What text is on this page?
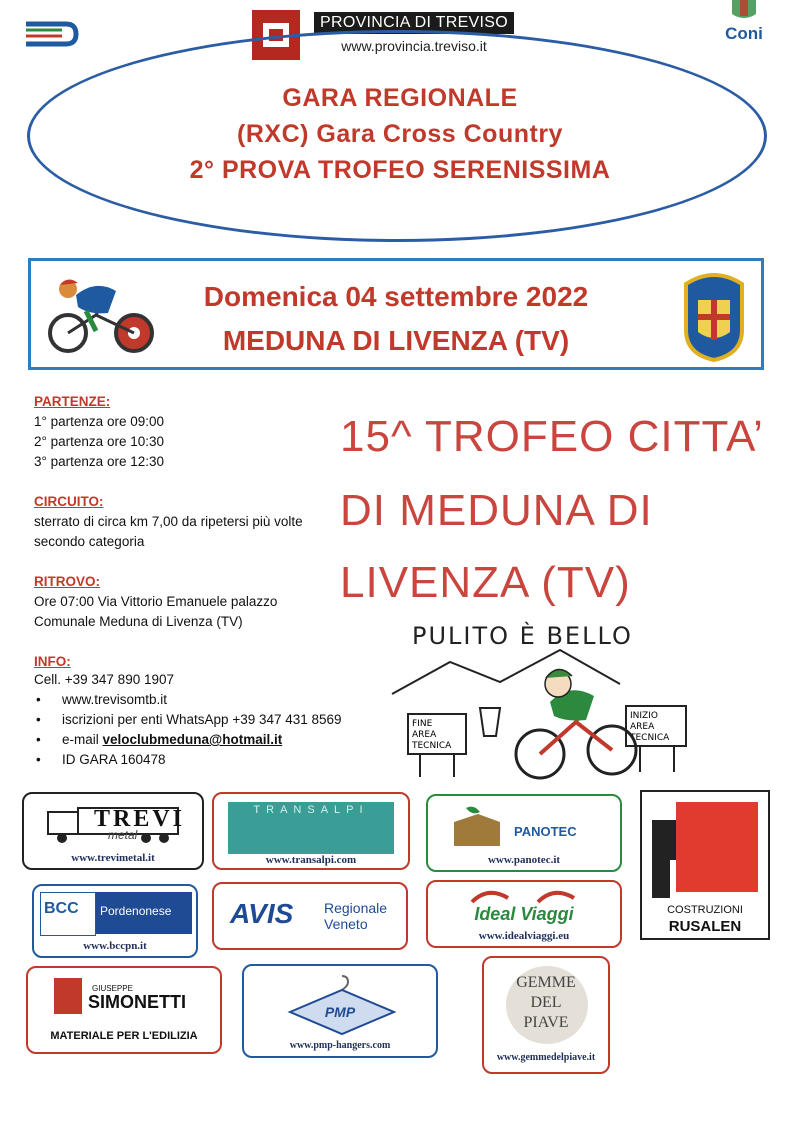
PROVINCIA DI TREVISO
www.provincia.treviso.it
Coni
GARA REGIONALE
(RXC) Gara Cross Country
2° PROVA TROFEO SERENISSIMA
Domenica 04 settembre 2022
MEDUNA DI LIVENZA (TV)
PARTENZE:
1° partenza ore 09:00
2° partenza ore 10:30
3° partenza ore 12:30
CIRCUITO:
sterrato di circa km 7,00 da ripetersi più volte secondo categoria
RITROVO:
Ore 07:00 Via Vittorio Emanuele palazzo Comunale Meduna di Livenza (TV)
INFO:
Cell. +39 347 890 1907
•	www.trevisomtb.it
•	iscrizioni per enti WhatsApp +39 347 431 8569
•	e-mail veloclubmeduna@hotmail.it
•	ID GARA 160478
15^ TROFEO CITTA’
DI MEDUNA DI
LIVENZA (TV)
PULITO È BELLO
FINE
AREA
TECNICA
INIZIO
AREA
TECNICA
TREVI
metal
www.trevimetal.it
TRANSALPI
www.transalpi.com
PANOTEC
www.panotec.it
COSTRUZIONI
RUSALEN
BCC Pordenonese
www.bccpn.it
AVIS Regionale
Veneto	Ideal Viaggi
www.idealviaggi.eu
GIUSEPPE
SIMONETTI
MATERIALE PER L'EDILIZIA
PMP
www.pmp-hangers.com
GEMME
DEL
PIAVE
www.gemmedelpiave.it
